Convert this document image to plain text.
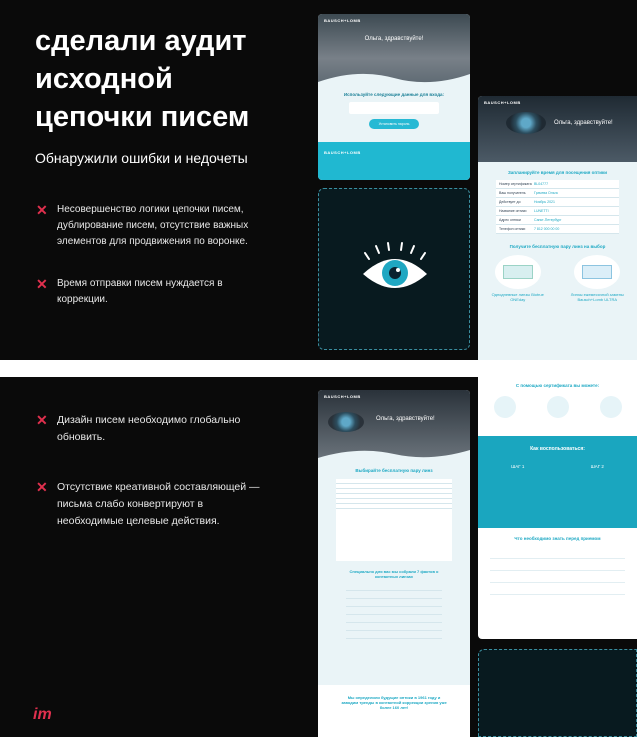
сделали аудит
исходной
цепочки писем
Обнаружили ошибки и недочеты
✕ Несовершенство логики цепочки писем, дублирование писем, отсутствие важных элементов для продвижения по воронке.
✕ Время отправки писем нуждается в коррекции.
BAUSCH+LOMB
Ольга, здравствуйте!
Используйте следующие данные для входа:
Установить пароль
BAUSCH+LOMB
BAUSCH+LOMB
Ольга, здравствуйте!
Запланируйте время для посещения оптики
Номер сертификата BL04777
Ваш получатель	Грачева Ольга
Действует до	Ноябрь 2021
Название оптики	LUNETTI
Адрес оптики	Санкт-Петербург
Телефон оптики	7 812 000 00 00
Получите бесплатную пару линз на выбор
Однодневные линзы Biotrue ONEday
Линзы ежемесячной замены Bausch+Lomb ULTRA
✕ Дизайн писем необходимо глобально обновить.
✕ Отсутствие креативной составляющей — письма слабо конвертируют в необходимые целевые действия.
im
BAUSCH+LOMB
Ольга, здравствуйте!
Выбирайте бесплатную пару линз
Специально для вас мы собрали 7 фактов о контактных линзах
Мы определили будущие оптики в 1961 году и заводим тренды в контактной коррекции зрения уже более 160 лет!
С помощью сертификата вы можете:
Как воспользоваться:
ШАГ 1	ШАГ 2
Что необходимо знать перед приемом
